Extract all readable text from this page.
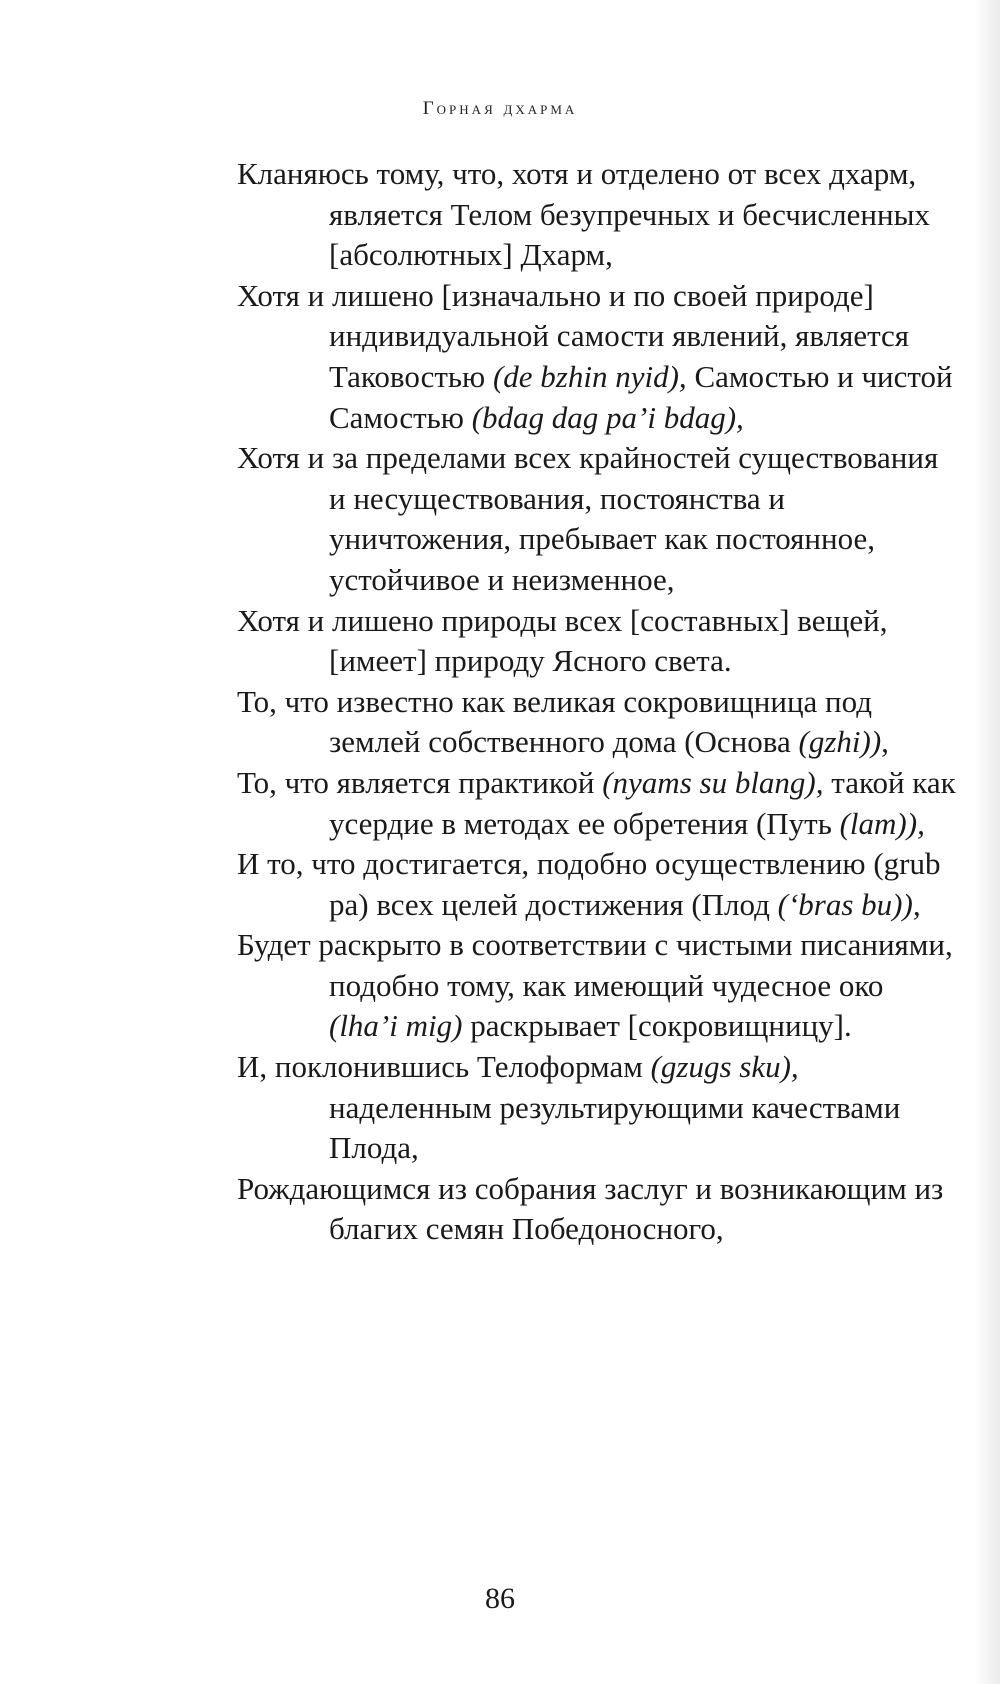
Горная дхарма

Кланяюсь тому, что, хотя и отделено от всех дхарм, является Телом безупречных и бесчисленных [абсолютных] Дхарм,

Хотя и лишено [изначально и по своей природе] индивидуальной самости явлений, является Таковостью (de bzhin nyid), Самостью и чистой Самостью (bdag dag pa’i bdag),

Хотя и за пределами всех крайностей существования и несуществования, постоянства и уничтожения, пребывает как постоянное, устойчивое и неизменное,

Хотя и лишено природы всех [составных] вещей, [имеет] природу Ясного света.

То, что известно как великая сокровищница под землей собственного дома (Основа (gzhi)),

То, что является практикой (nyams su blang), такой как усердие в методах ее обретения (Путь (lam)),

И то, что достигается, подобно осуществлению (grub pa) всех целей достижения (Плод (‘bras bu)),

Будет раскрыто в соответствии с чистыми писаниями, подобно тому, как имеющий чудесное око (lha’i mig) раскрывает [сокровищницу].

И, поклонившись Телоформам (gzugs sku), наделенным результирующими качествами Плода,

Рождающимся из собрания заслуг и возникающим из благих семян Победоносного,

86
